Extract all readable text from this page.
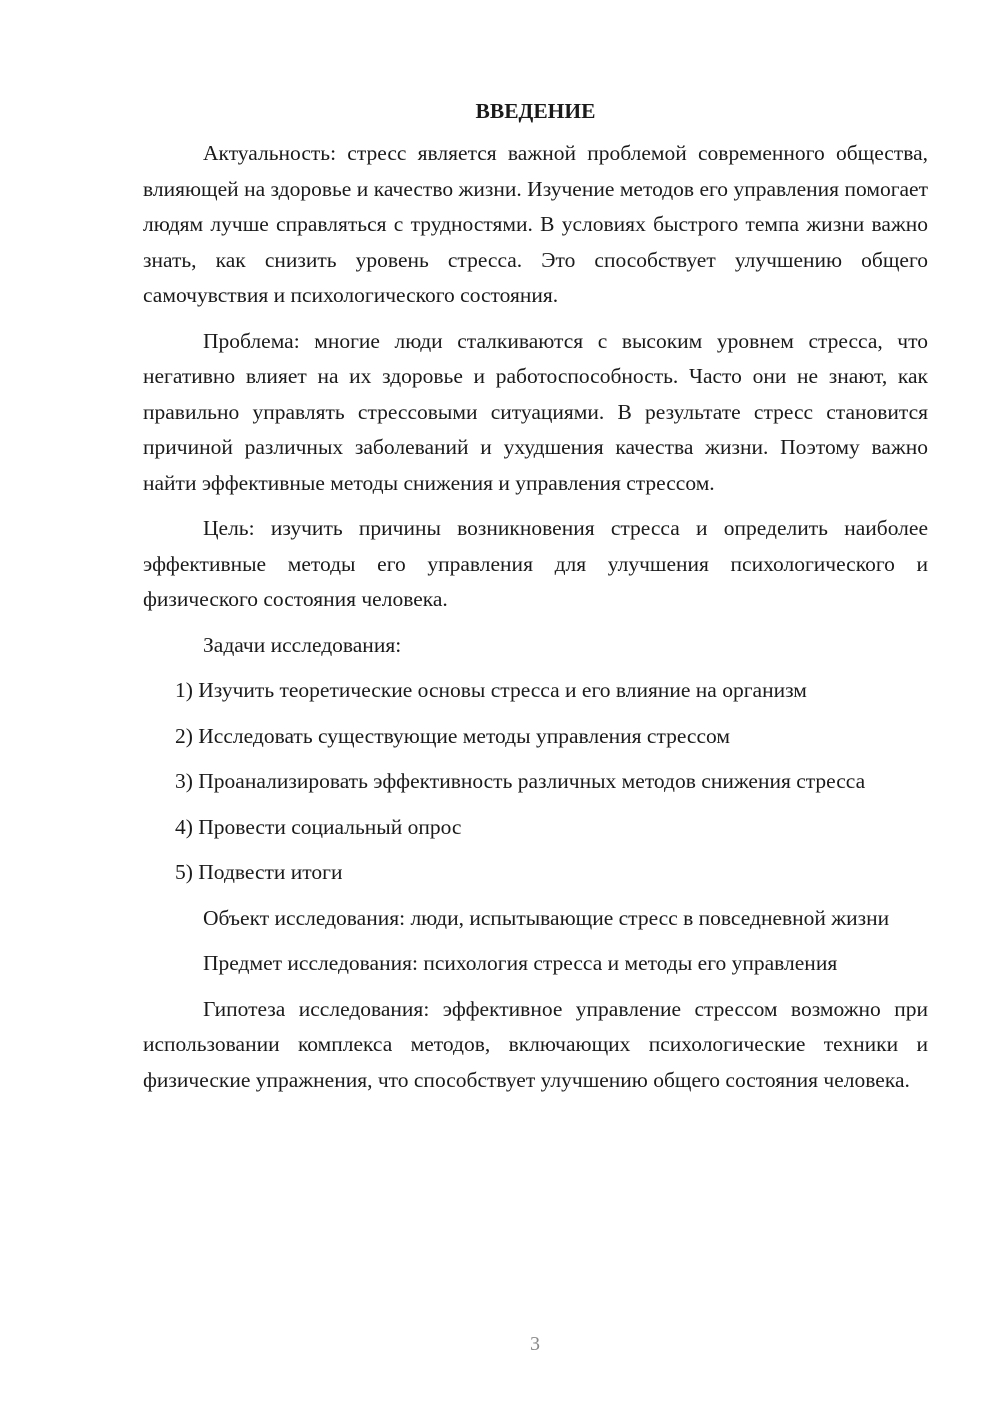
ВВЕДЕНИЕ

Актуальность: стресс является важной проблемой современного общества, влияющей на здоровье и качество жизни. Изучение методов его управления помогает людям лучше справляться с трудностями. В условиях быстрого темпа жизни важно знать, как снизить уровень стресса. Это способствует улучшению общего самочувствия и психологического состояния.

Проблема: многие люди сталкиваются с высоким уровнем стресса, что негативно влияет на их здоровье и работоспособность. Часто они не знают, как правильно управлять стрессовыми ситуациями. В результате стресс становится причиной различных заболеваний и ухудшения качества жизни. Поэтому важно найти эффективные методы снижения и управления стрессом.

Цель: изучить причины возникновения стресса и определить наиболее эффективные методы его управления для улучшения психологического и физического состояния человека.

Задачи исследования:

1) Изучить теоретические основы стресса и его влияние на организм

2) Исследовать существующие методы управления стрессом

3) Проанализировать эффективность различных методов снижения стресса

4) Провести социальный опрос

5) Подвести итоги

Объект исследования: люди, испытывающие стресс в повседневной жизни

Предмет исследования: психология стресса и методы его управления

Гипотеза исследования: эффективное управление стрессом возможно при использовании комплекса методов, включающих психологические техники и физические упражнения, что способствует улучшению общего состояния человека.

3
